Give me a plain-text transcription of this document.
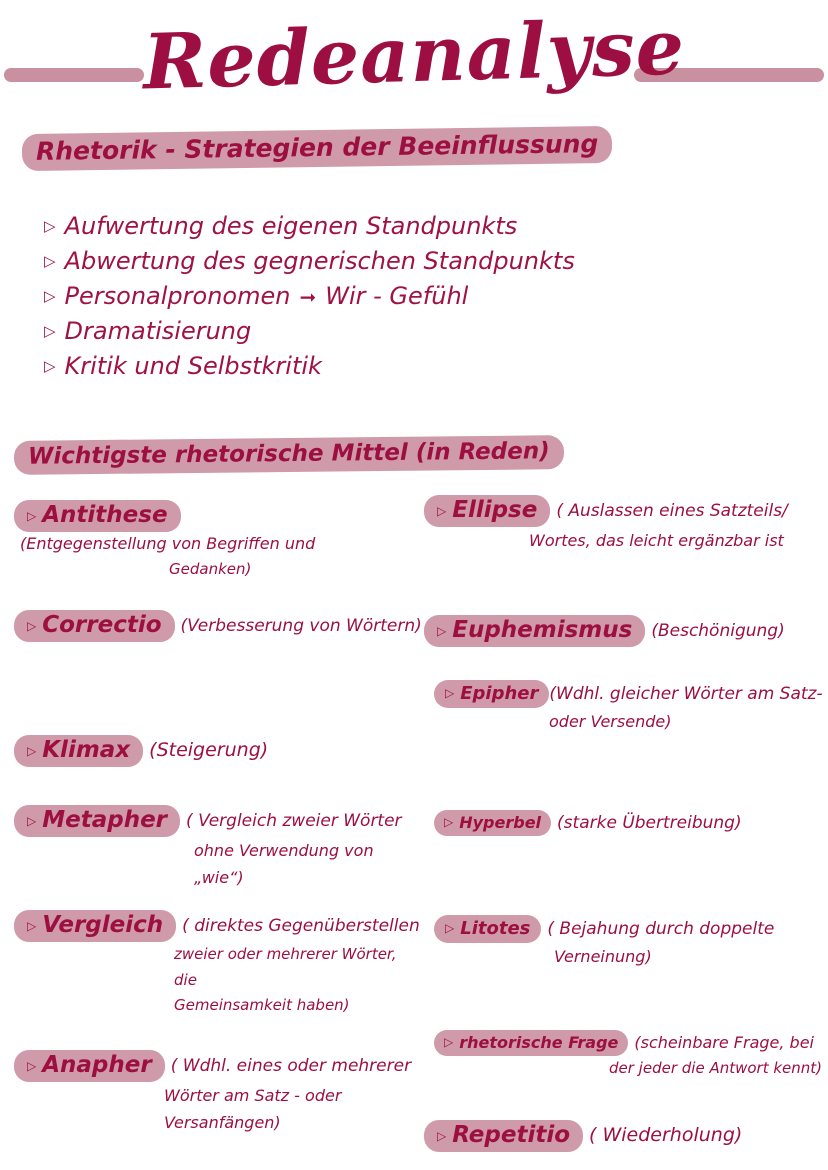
Redeanalyse
Rhetorik - Strategien der Beeinflussung
▷ Aufwertung des eigenen Standpunkts
▷ Abwertung des gegnerischen Standpunkts
▷ Personalpronomen ➞ Wir - Gefühl
▷ Dramatisierung
▷ Kritik und Selbstkritik
Wichtigste rhetorische Mittel (in Reden)
▷ Antithese(Entgegenstellung von Begriffen und
Gedanken)
▷ Correctio (Verbesserung von Wörtern)
▷ Klimax (Steigerung)
▷ Metapher ( Vergleich zweier Wörter
ohne Verwendung von „wie“)
▷ Vergleich ( direktes Gegenüberstellen
zweier oder mehrerer Wörter, die
Gemeinsamkeit haben)
▷ Anapher ( Wdhl. eines oder mehrerer
Wörter am Satz - oder
Versanfängen)
▷ Ellipse ( Auslassen eines Satzteils/
Wortes, das leicht ergänzbar ist
▷ Euphemismus (Beschönigung)
▷ Epipher (Wdhl. gleicher Wörter am Satz-
oder Versende)
▷ Hyperbel (starke Übertreibung)
▷ Litotes ( Bejahung durch doppelte
Verneinung)
▷ rhetorische Frage (scheinbare Frage, bei
der jeder die Antwort kennt)
▷ Repetitio ( Wiederholung)
